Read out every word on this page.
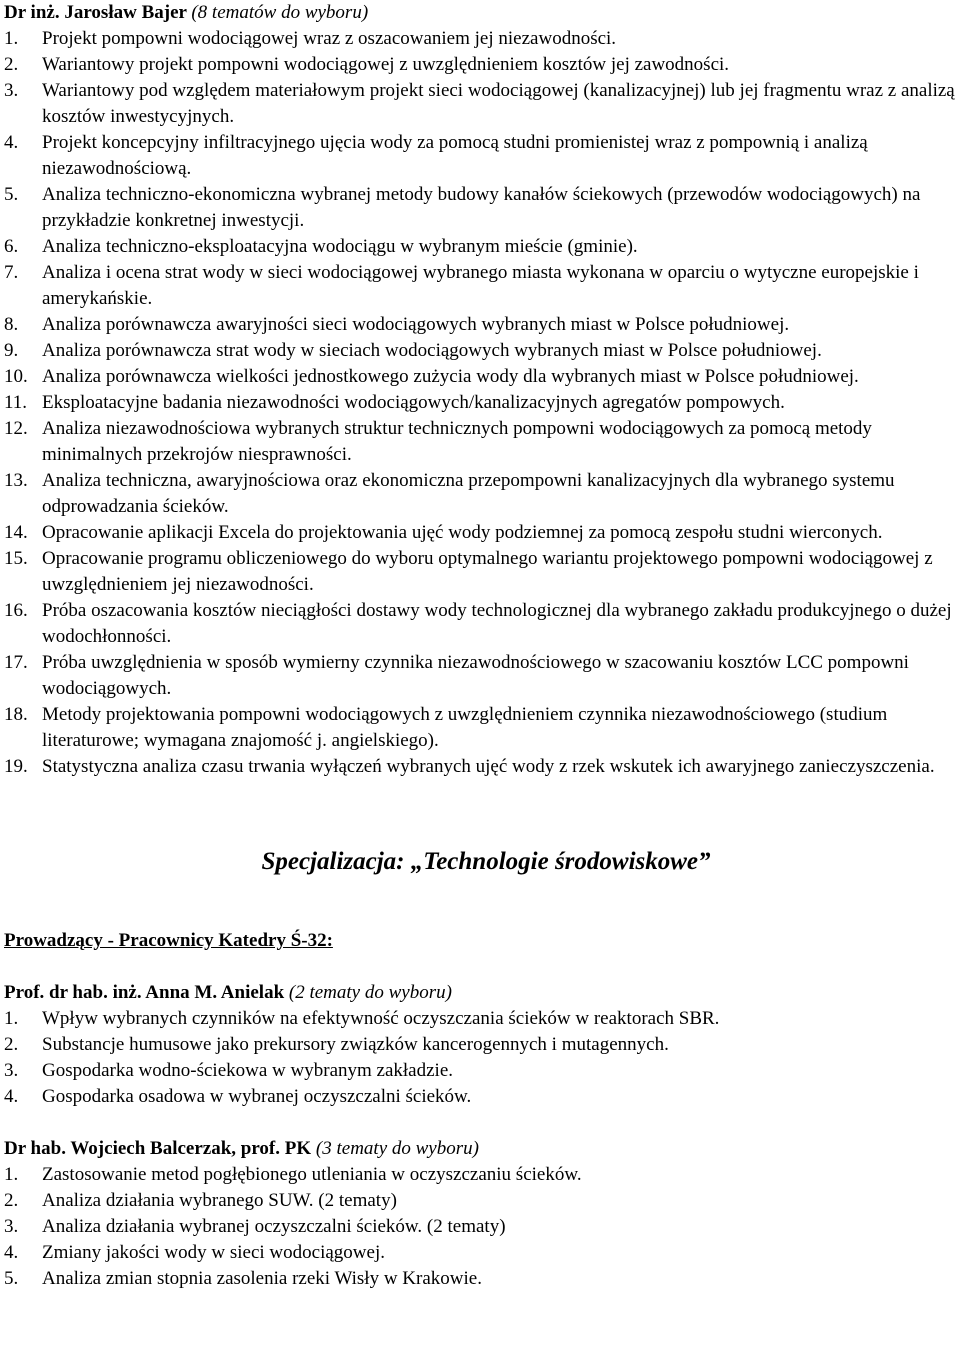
Dr inż. Jarosław Bajer (8 tematów do wyboru)
1. Projekt pompowni wodociągowej wraz z oszacowaniem jej niezawodności.
2. Wariantowy projekt pompowni wodociągowej z uwzględnieniem kosztów jej zawodności.
3. Wariantowy pod względem materiałowym projekt sieci wodociągowej (kanalizacyjnej) lub jej fragmentu wraz z analizą kosztów inwestycyjnych.
4. Projekt koncepcyjny infiltracyjnego ujęcia wody za pomocą studni promienistej wraz z pompownią i analizą niezawodnościową.
5. Analiza techniczno-ekonomiczna wybranej metody budowy kanałów ściekowych (przewodów wodociągowych) na przykładzie konkretnej inwestycji.
6. Analiza techniczno-eksploatacyjna wodociągu w wybranym mieście (gminie).
7. Analiza i ocena strat wody w sieci wodociągowej wybranego miasta wykonana w oparciu o wytyczne europejskie i amerykańskie.
8. Analiza porównawcza awaryjności sieci wodociągowych wybranych miast w Polsce południowej.
9. Analiza porównawcza strat wody w sieciach wodociągowych wybranych miast w Polsce południowej.
10. Analiza porównawcza wielkości jednostkowego zużycia wody dla wybranych miast w Polsce południowej.
11. Eksploatacyjne badania niezawodności wodociągowych/kanalizacyjnych agregatów pompowych.
12. Analiza niezawodnościowa wybranych struktur technicznych pompowni wodociągowych za pomocą metody minimalnych przekrojów niesprawności.
13. Analiza techniczna, awaryjnościowa oraz ekonomiczna przepompowni kanalizacyjnych dla wybranego systemu odprowadzania ścieków.
14. Opracowanie aplikacji Excela do projektowania ujęć wody podziemnej za pomocą zespołu studni wierconych.
15. Opracowanie programu obliczeniowego do wyboru optymalnego wariantu projektowego pompowni wodociągowej z uwzględnieniem jej niezawodności.
16. Próba oszacowania kosztów nieciągłości dostawy wody technologicznej dla wybranego zakładu produkcyjnego o dużej wodochłonności.
17. Próba uwzględnienia w sposób wymierny czynnika niezawodnościowego w szacowaniu kosztów LCC pompowni wodociągowych.
18. Metody projektowania pompowni wodociągowych z uwzględnieniem czynnika niezawodnościowego (studium literaturowe; wymagana znajomość j. angielskiego).
19. Statystyczna analiza czasu trwania wyłączeń wybranych ujęć wody z rzek wskutek ich awaryjnego zanieczyszczenia.
Specjalizacja: „Technologie środowiskowe”
Prowadzący - Pracownicy Katedry Ś-32:
Prof. dr hab. inż. Anna M. Anielak (2 tematy do wyboru)
1. Wpływ wybranych czynników na efektywność oczyszczania ścieków w reaktorach SBR.
2. Substancje humusowe jako prekursory związków kancerogennych i mutagennych.
3. Gospodarka wodno-ściekowa w wybranym zakładzie.
4. Gospodarka osadowa w wybranej oczyszczalni ścieków.
Dr hab. Wojciech Balcerzak, prof. PK (3 tematy do wyboru)
1. Zastosowanie metod pogłębionego utleniania w oczyszczaniu ścieków.
2. Analiza działania wybranego SUW. (2 tematy)
3. Analiza działania wybranej oczyszczalni ścieków. (2 tematy)
4. Zmiany jakości wody w sieci wodociągowej.
5. Analiza zmian stopnia zasolenia rzeki Wisły w Krakowie.
